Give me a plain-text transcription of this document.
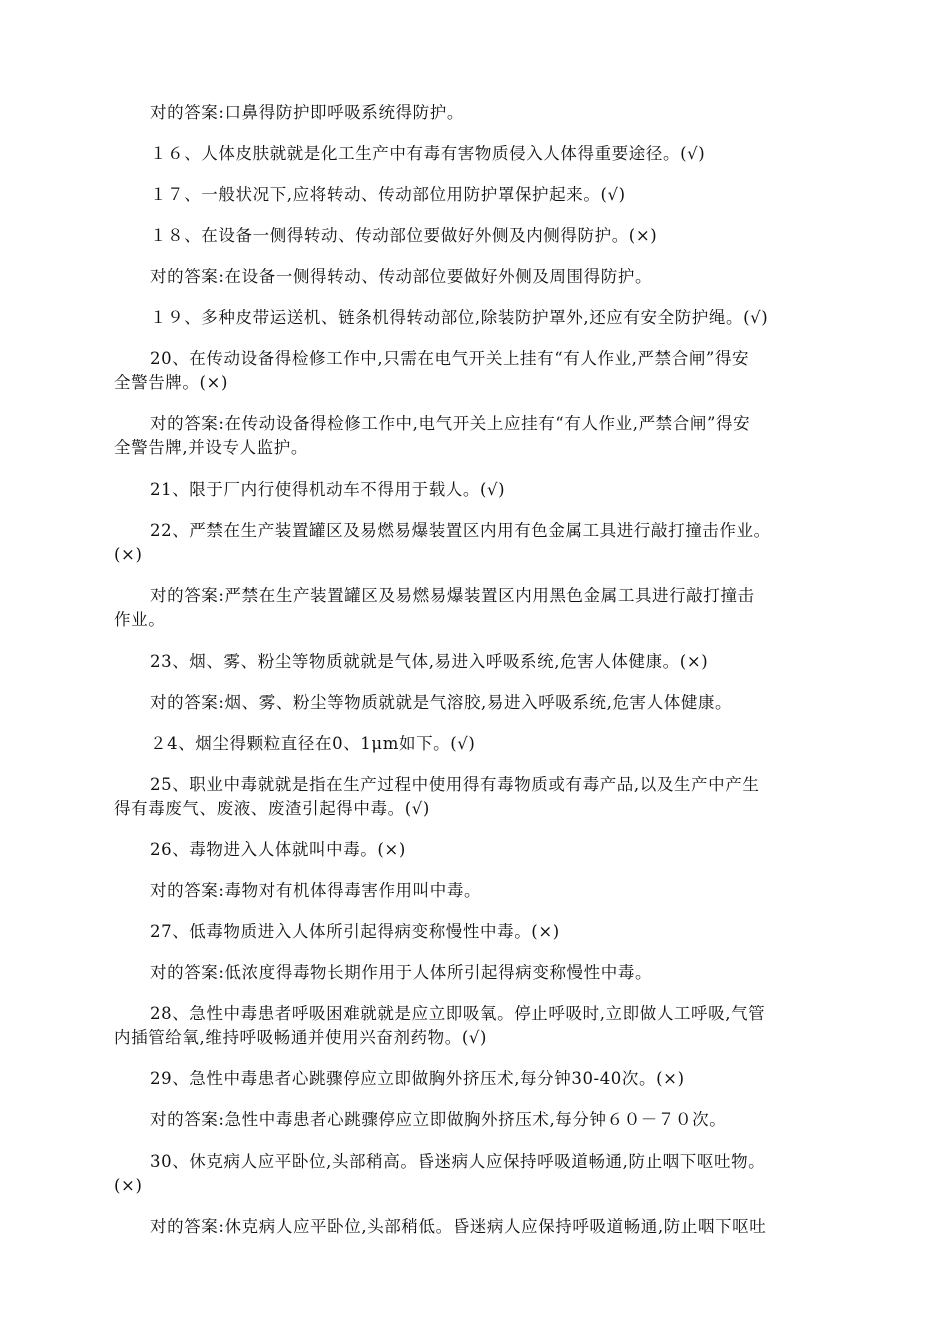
对的答案:口鼻得防护即呼吸系统得防护。

１６、人体皮肤就就是化工生产中有毒有害物质侵入人体得重要途径。(√)

１７、一般状况下,应将转动、传动部位用防护罩保护起来。(√)

１８、在设备一侧得转动、传动部位要做好外侧及内侧得防护。(×)

对的答案:在设备一侧得转动、传动部位要做好外侧及周围得防护。

１９、多种皮带运送机、链条机得转动部位,除装防护罩外,还应有安全防护绳。(√)

20、在传动设备得检修工作中,只需在电气开关上挂有“有人作业,严禁合闸”得安

全警告牌。(×)

对的答案:在传动设备得检修工作中,电气开关上应挂有“有人作业,严禁合闸”得安

全警告牌,并设专人监护。

21、限于厂内行使得机动车不得用于载人。(√)

22、严禁在生产装置罐区及易燃易爆装置区内用有色金属工具进行敲打撞击作业。

(×)

对的答案:严禁在生产装置罐区及易燃易爆装置区内用黑色金属工具进行敲打撞击

作业。

23、烟、雾、粉尘等物质就就是气体,易进入呼吸系统,危害人体健康。(×)

对的答案:烟、雾、粉尘等物质就就是气溶胶,易进入呼吸系统,危害人体健康。

２4、烟尘得颗粒直径在0、1μm如下。(√)

25、职业中毒就就是指在生产过程中使用得有毒物质或有毒产品,以及生产中产生

得有毒废气、废液、废渣引起得中毒。(√)

26、毒物进入人体就叫中毒。(×)

对的答案:毒物对有机体得毒害作用叫中毒。

27、低毒物质进入人体所引起得病变称慢性中毒。(×)

对的答案:低浓度得毒物长期作用于人体所引起得病变称慢性中毒。

28、急性中毒患者呼吸困难就就是应立即吸氧。停止呼吸时,立即做人工呼吸,气管

内插管给氧,维持呼吸畅通并使用兴奋剂药物。(√)

29、急性中毒患者心跳骤停应立即做胸外挤压术,每分钟30-40次。(×)

对的答案:急性中毒患者心跳骤停应立即做胸外挤压术,每分钟６０－７０次。

30、休克病人应平卧位,头部稍高。昏迷病人应保持呼吸道畅通,防止咽下呕吐物。

(×)

对的答案:休克病人应平卧位,头部稍低。昏迷病人应保持呼吸道畅通,防止咽下呕吐
